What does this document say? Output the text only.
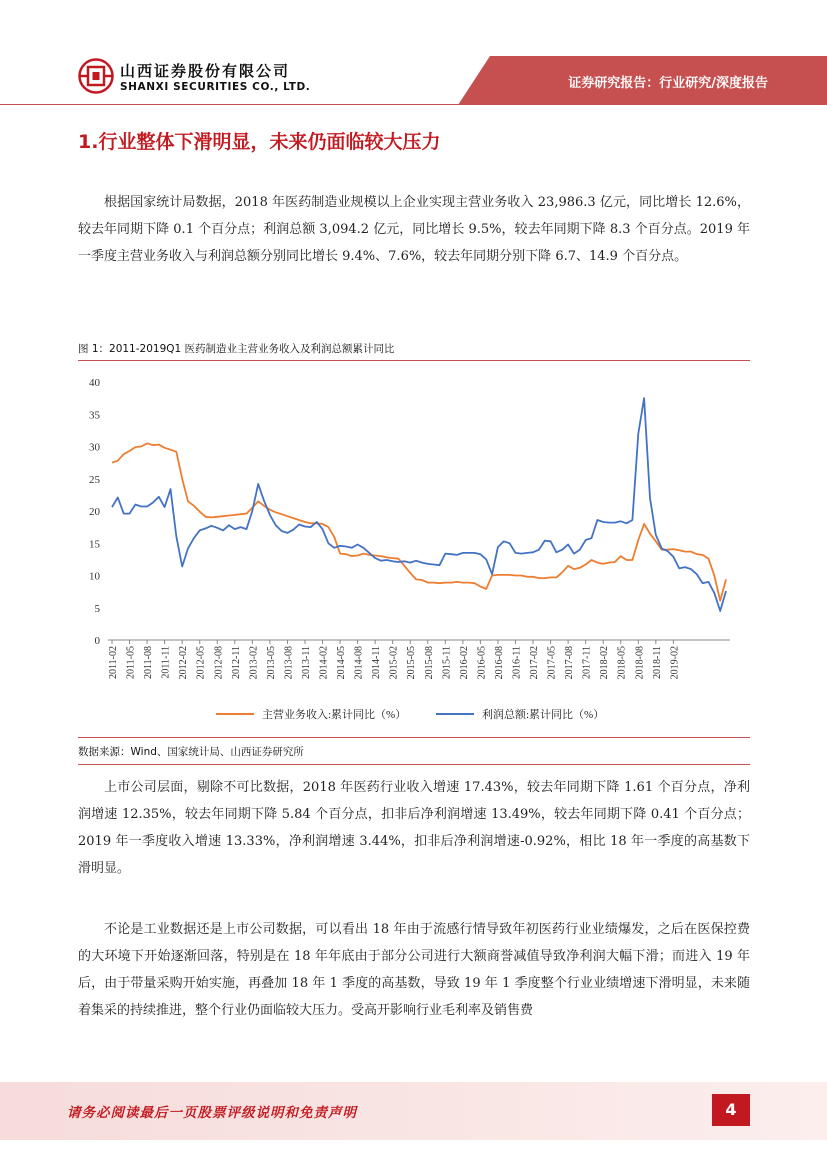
山西证券股份有限公司
SHANXI SECURITIES CO., LTD.	证券研究报告：行业研究/深度报告
1.行业整体下滑明显，未来仍面临较大压力
根据国家统计局数据，2018 年医药制造业规模以上企业实现主营业务收入 23,986.3 亿元，同比增长 12.6%，较去年同期下降 0.1 个百分点；利润总额 3,094.2 亿元，同比增长 9.5%，较去年同期下降 8.3 个百分点。2019 年一季度主营业务收入与利润总额分别同比增长 9.4%、7.6%，较去年同期分别下降 6.7、14.9 个百分点。
图 1：2011-2019Q1 医药制造业主营业务收入及利润总额累计同比
0
5
10
15
20
25
30
35
40
2011-02 2011-05 2011-08 2011-11 2012-02 2012-05 2012-08 2012-11 2013-02 2013-05 2013-08 2013-11 2014-02 2014-05 2014-08 2014-11 2015-02 2015-05 2015-08 2015-11 2016-02 2016-05 2016-08 2016-11 2017-02 2017-05 2017-08 2017-11 2018-02 2018-05 2018-08 2018-11 2019-02
主营业务收入:累计同比（%）	利润总额:累计同比（%）
数据来源：Wind、国家统计局、山西证券研究所
上市公司层面，剔除不可比数据，2018 年医药行业收入增速 17.43%，较去年同期下降 1.61 个百分点，净利润增速 12.35%，较去年同期下降 5.84 个百分点，扣非后净利润增速 13.49%，较去年同期下降 0.41 个百分点；2019 年一季度收入增速 13.33%，净利润增速 3.44%，扣非后净利润增速-0.92%，相比 18 年一季度的高基数下滑明显。
不论是工业数据还是上市公司数据，可以看出 18 年由于流感行情导致年初医药行业业绩爆发，之后在医保控费的大环境下开始逐渐回落，特别是在 18 年年底由于部分公司进行大额商誉减值导致净利润大幅下滑；而进入 19 年后，由于带量采购开始实施，再叠加 18 年 1 季度的高基数，导致 19 年 1 季度整个行业业绩增速下滑明显，未来随着集采的持续推进，整个行业仍面临较大压力。受高开影响行业毛利率及销售费
请务必阅读最后一页股票评级说明和免责声明	4
